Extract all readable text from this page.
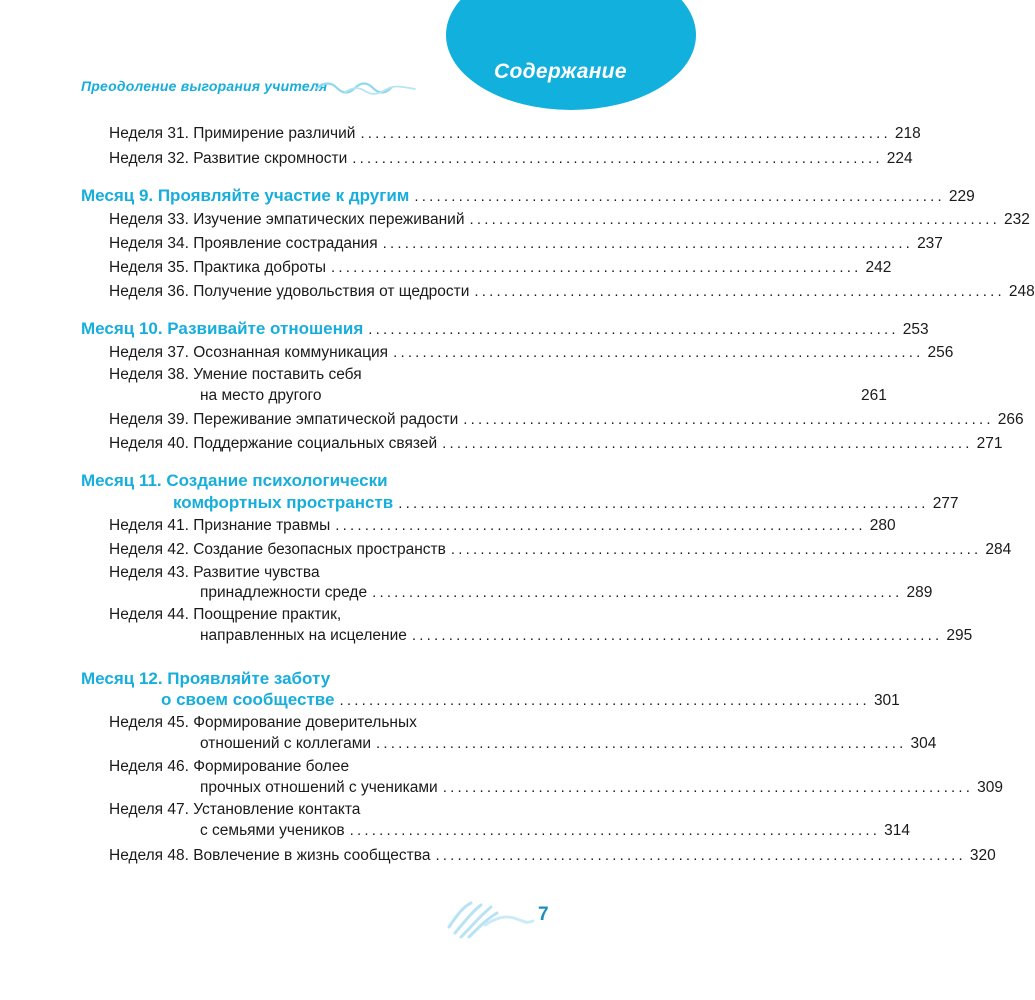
Содержание
Преодоление выгорания учителя
Неделя 31. Примирение различий ........................................................................ 218
Неделя 32. Развитие скромности ........................................................................ 224
Месяц 9. Проявляйте участие к другим ........................................................................ 229
Неделя 33. Изучение эмпатических переживаний ........................................................................ 232
Неделя 34. Проявление сострадания ........................................................................ 237
Неделя 35. Практика доброты ........................................................................ 242
Неделя 36. Получение удовольствия от щедрости ........................................................................ 248
Месяц 10. Развивайте отношения ........................................................................ 253
Неделя 37. Осознанная коммуникация ........................................................................ 256
Неделя 38. Умение поставить себя
на место другого	261
Неделя 39. Переживание эмпатической радости ........................................................................ 266
Неделя 40. Поддержание социальных связей ........................................................................ 271
Месяц 11. Создание психологически
комфортных пространств ........................................................................ 277
Неделя 41. Признание травмы ........................................................................ 280
Неделя 42. Создание безопасных пространств ........................................................................ 284
Неделя 43. Развитие чувства
принадлежности среде ........................................................................ 289
Неделя 44. Поощрение практик,
направленных на исцеление ........................................................................ 295
Месяц 12. Проявляйте заботу
о своем сообществе ........................................................................ 301
Неделя 45. Формирование доверительных
отношений с коллегами ........................................................................ 304
Неделя 46. Формирование более
прочных отношений с учениками ........................................................................ 309
Неделя 47. Установление контакта
с семьями учеников ........................................................................ 314
Неделя 48. Вовлечение в жизнь сообщества ........................................................................ 320
7
